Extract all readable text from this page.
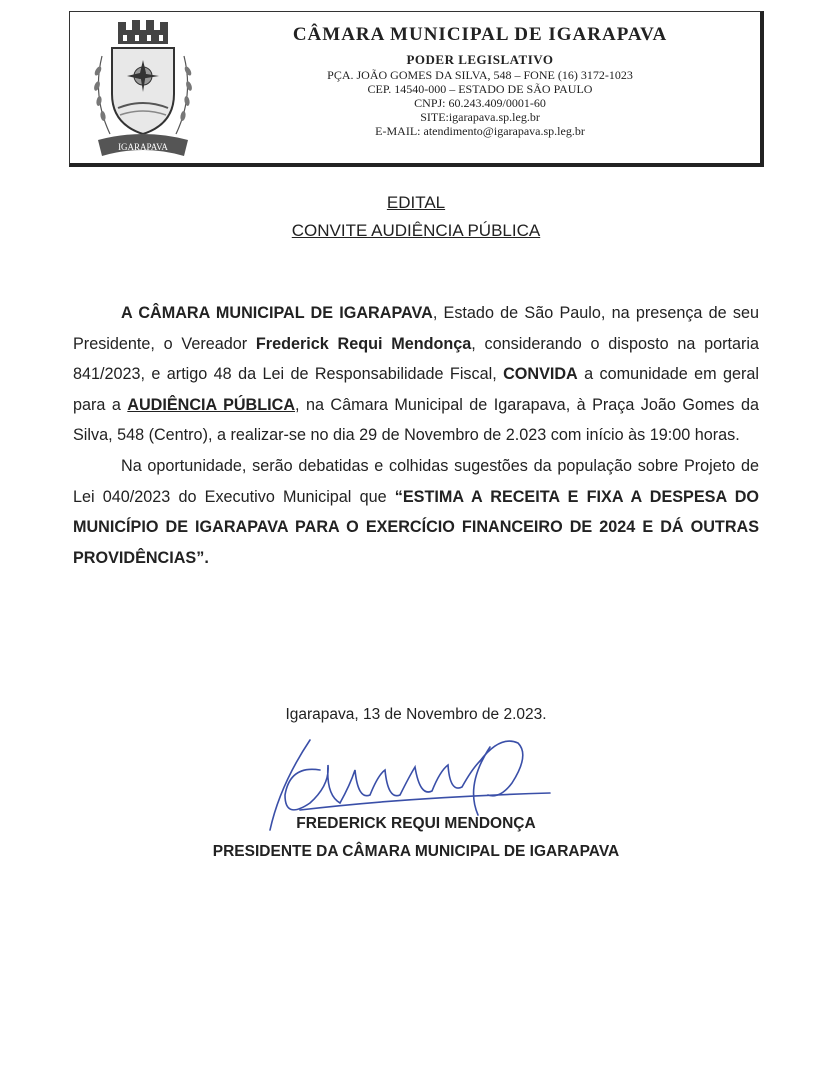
IGARAPAVA
CÂMARA MUNICIPAL DE IGARAPAVA
PODER LEGISLATIVO
PÇA. JOÃO GOMES DA SILVA, 548 – FONE (16) 3172-1023
CEP. 14540-000 – ESTADO DE SÃO PAULO
CNPJ: 60.243.409/0001-60
SITE:igarapava.sp.leg.br
E-MAIL: atendimento@igarapava.sp.leg.br
EDITAL
CONVITE AUDIÊNCIA PÚBLICA

A CÂMARA MUNICIPAL DE IGARAPAVA, Estado de São Paulo, na presença de seu Presidente, o Vereador Frederick Requi Mendonça, considerando o disposto na portaria 841/2023, e artigo 48 da Lei de Responsabilidade Fiscal, CONVIDA a comunidade em geral para a AUDIÊNCIA PÚBLICA, na Câmara Municipal de Igarapava, à Praça João Gomes da Silva, 548 (Centro), a realizar-se no dia 29 de Novembro de 2.023 com início às 19:00 horas.

Na oportunidade, serão debatidas e colhidas sugestões da população sobre Projeto de Lei 040/2023 do Executivo Municipal que “ESTIMA A RECEITA E FIXA A DESPESA DO MUNICÍPIO DE IGARAPAVA PARA O EXERCÍCIO FINANCEIRO DE 2024 E DÁ OUTRAS PROVIDÊNCIAS”.

Igarapava, 13 de Novembro de 2.023.
FREDERICK REQUI MENDONÇA
PRESIDENTE DA CÂMARA MUNICIPAL DE IGARAPAVA
